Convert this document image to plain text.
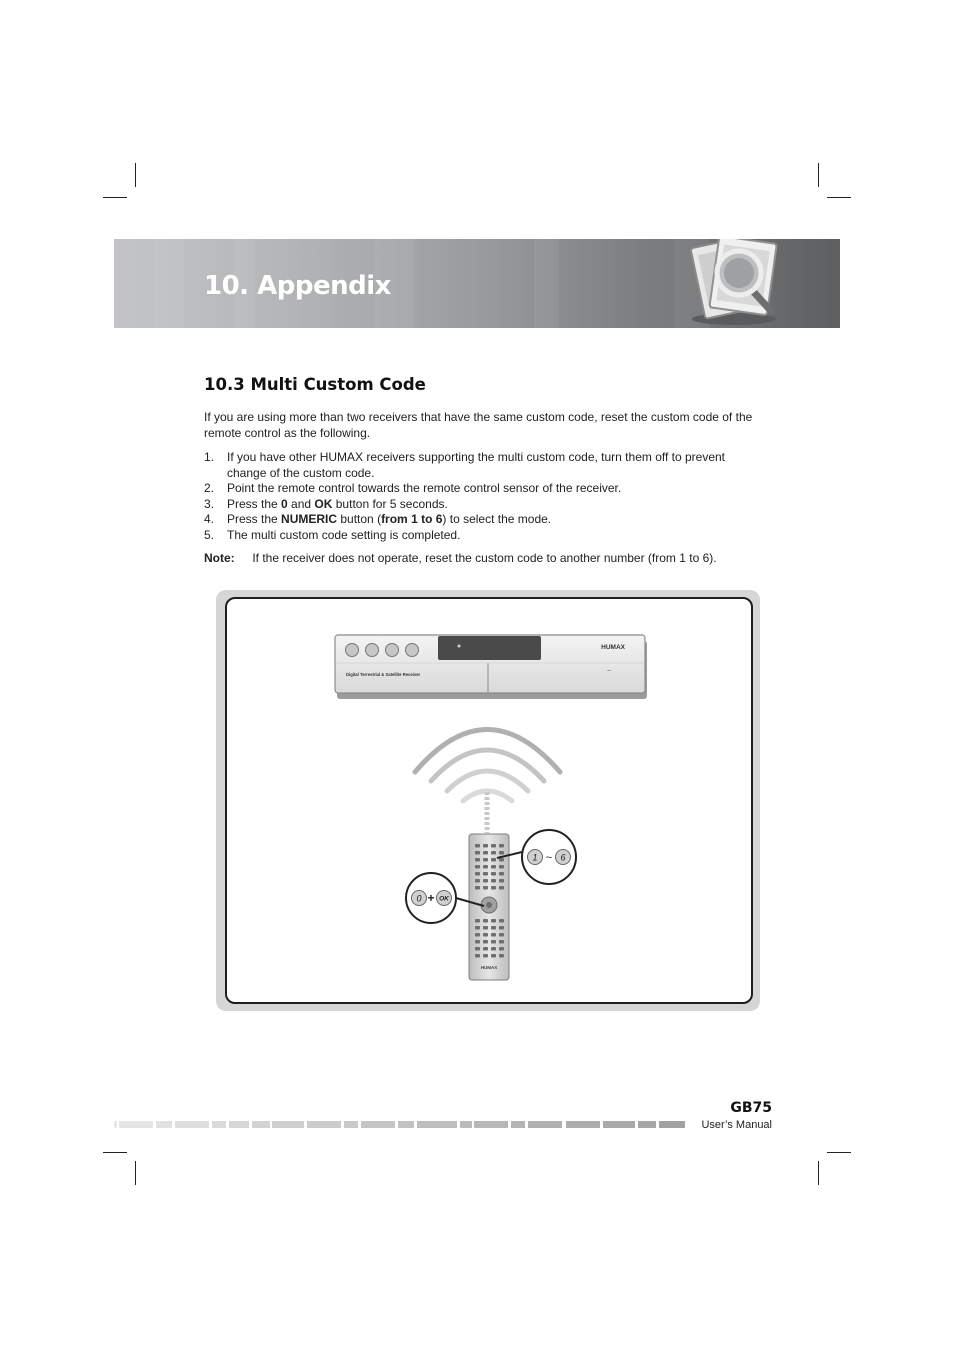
10. Appendix
10.3 Multi Custom Code
If you are using more than two receivers that have the same custom code, reset the custom code of the remote control as the following.
1. If you have other HUMAX receivers supporting the multi custom code, turn them off to prevent change of the custom code.
2. Point the remote control towards the remote control sensor of the receiver.
3. Press the 0 and OK button for 5 seconds.
4. Press the NUMERIC button (from 1 to 6) to select the mode.
5. The multi custom code setting is completed.
Note: If the receiver does not operate, reset the custom code to another number (from 1 to 6).
HUMAX
Digital Terrestrial & Satellite Receiver	~
HUMAX
0 + OK
1 ~ 6
GB75
User’s Manual
